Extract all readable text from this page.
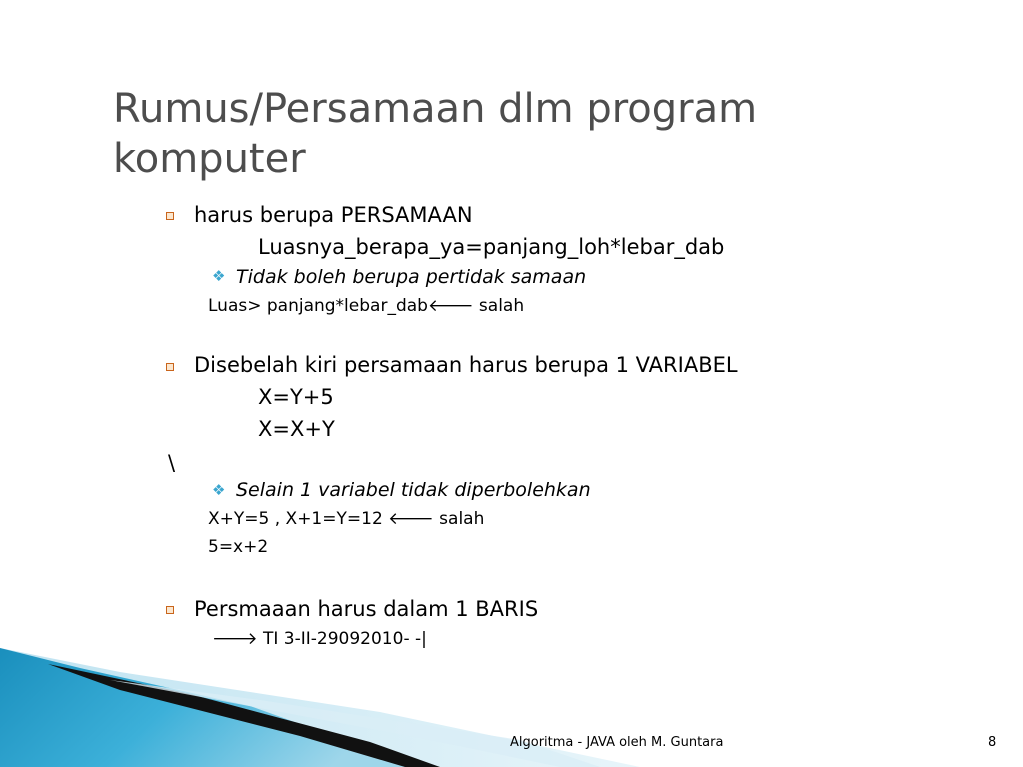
Rumus/Persamaan dlm program komputer

harus berupa PERSAMAAN

Luasnya_berapa_ya=panjang_loh*lebar_dab

❖ Tidak boleh berupa pertidak samaan

Luas> panjang*lebar_dab🡐 salah

Disebelah kiri persamaan harus berupa 1 VARIABEL

X=Y+5

X=X+Y

\

❖ Selain 1 variabel tidak diperbolehkan

X+Y=5 , X+1=Y=12 🡐 salah

5=x+2

Persmaaan harus dalam 1 BARIS

🡒 TI 3-II-29092010- -|

Algoritma - JAVA oleh M. Guntara	8
